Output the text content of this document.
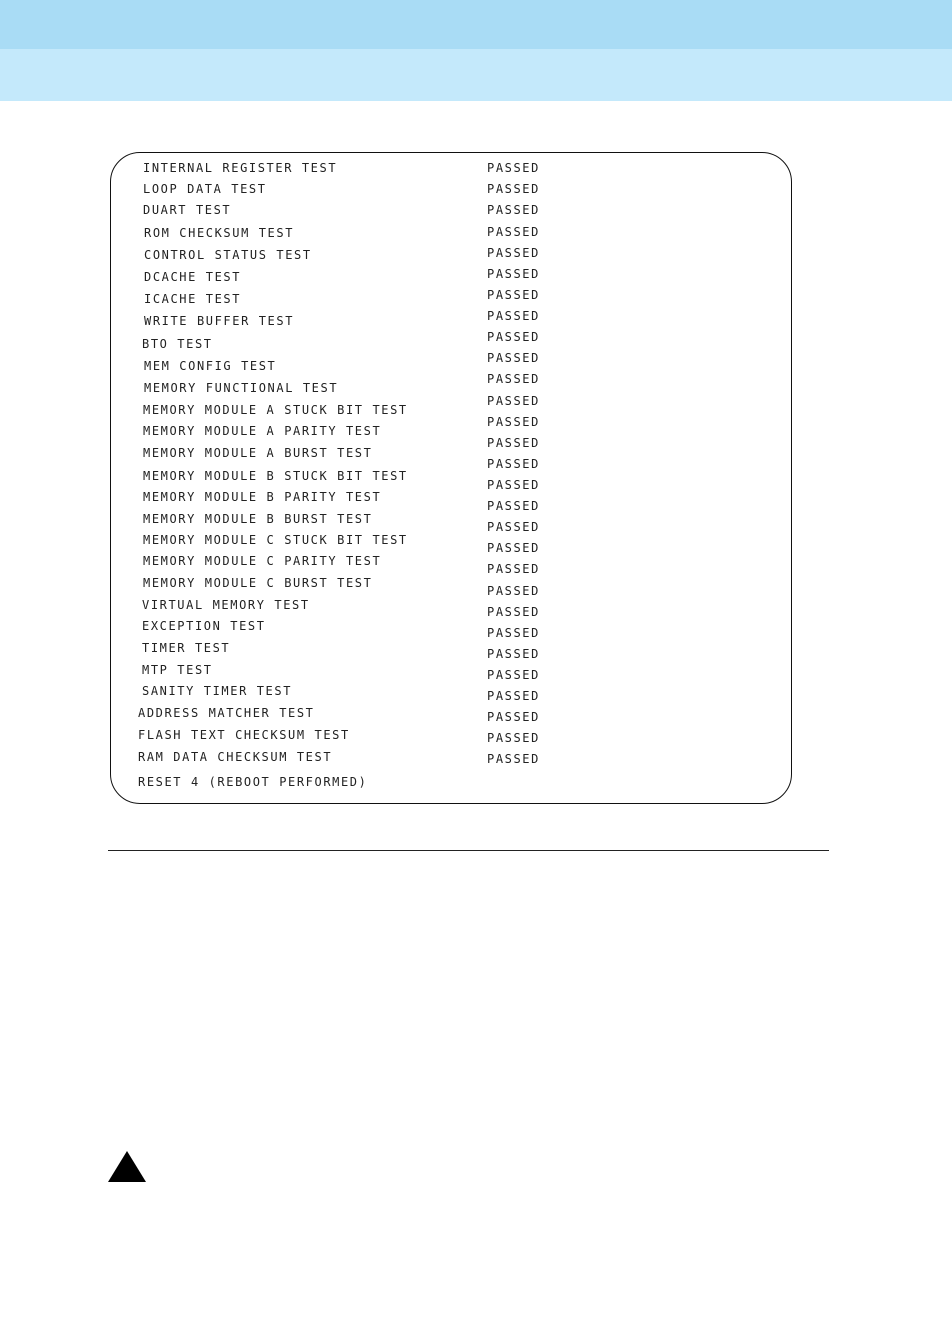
INTERNAL REGISTER TEST
LOOP DATA TEST
DUART TEST
ROM CHECKSUM TEST
CONTROL STATUS TEST
DCACHE TEST
ICACHE TEST
WRITE BUFFER TEST
BTO TEST
MEM CONFIG TEST
MEMORY FUNCTIONAL TEST
MEMORY MODULE A STUCK BIT TEST
MEMORY MODULE A PARITY TEST
MEMORY MODULE A BURST TEST
MEMORY MODULE B STUCK BIT TEST
MEMORY MODULE B PARITY TEST
MEMORY MODULE B BURST TEST
MEMORY MODULE C STUCK BIT TEST
MEMORY MODULE C PARITY TEST
MEMORY MODULE C BURST TEST
VIRTUAL MEMORY TEST
EXCEPTION TEST
TIMER TEST
MTP TEST
SANITY TIMER TEST
ADDRESS MATCHER TEST
FLASH TEXT CHECKSUM TEST
RAM DATA CHECKSUM TEST
PASSED
PASSED
PASSED
PASSED
PASSED
PASSED
PASSED
PASSED
PASSED
PASSED
PASSED
PASSED
PASSED
PASSED
PASSED
PASSED
PASSED
PASSED
PASSED
PASSED
PASSED
PASSED
PASSED
PASSED
PASSED
PASSED
PASSED
PASSED
PASSED
RESET 4 (REBOOT PERFORMED)
